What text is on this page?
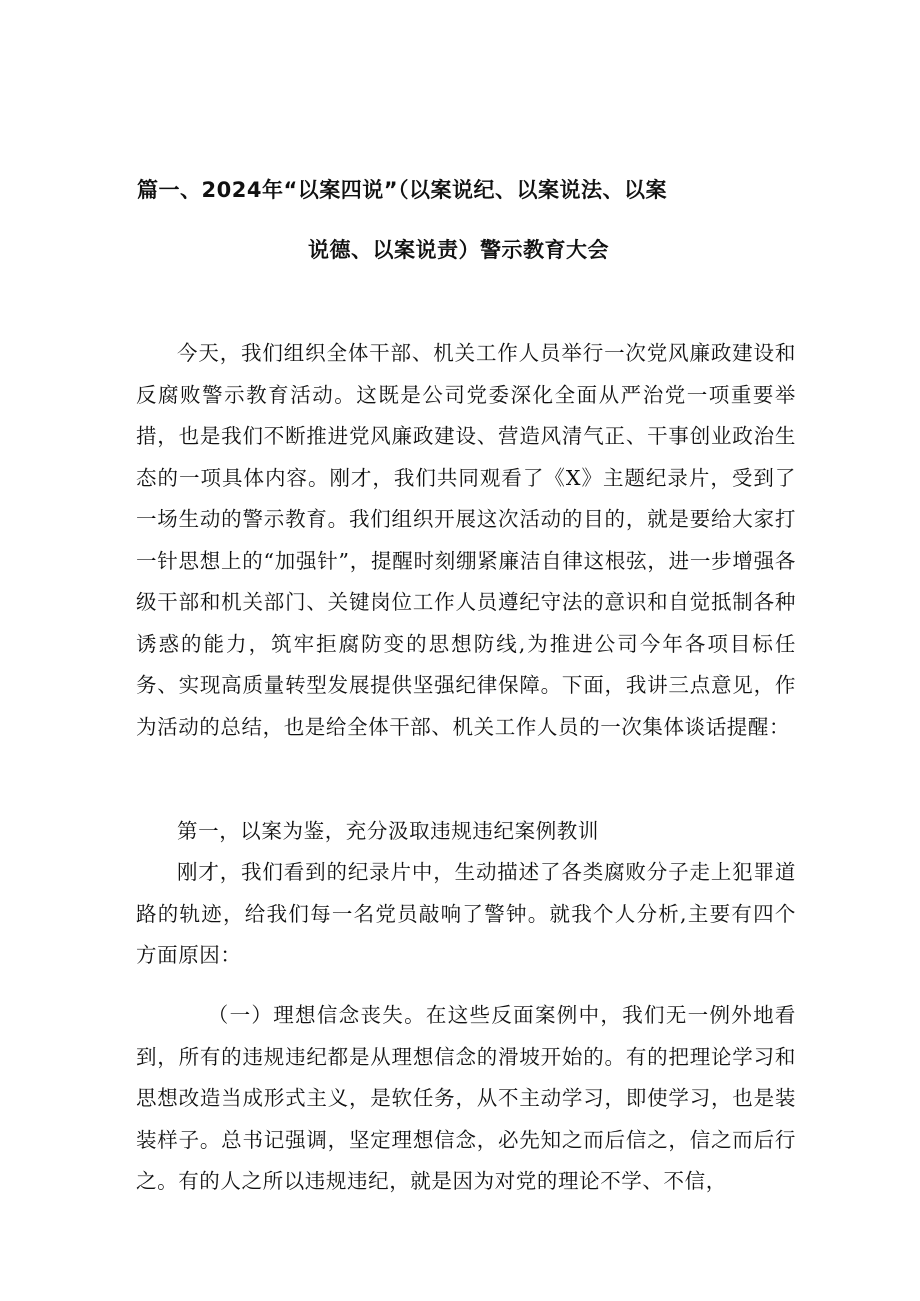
篇一、2024年“以案四说”（以案说纪、以案说法、以案
说德、以案说责）警示教育大会

今天，我们组织全体干部、机关工作人员举行一次党风廉政建设和反腐败警示教育活动。这既是公司党委深化全面从严治党一项重要举措，也是我们不断推进党风廉政建设、营造风清气正、干事创业政治生态的一项具体内容。刚才，我们共同观看了《X》主题纪录片，受到了一场生动的警示教育。我们组织开展这次活动的目的，就是要给大家打一针思想上的“加强针”，提醒时刻绷紧廉洁自律这根弦，进一步增强各级干部和机关部门、关键岗位工作人员遵纪守法的意识和自觉抵制各种诱惑的能力，筑牢拒腐防变的思想防线,为推进公司今年各项目标任务、实现高质量转型发展提供坚强纪律保障。下面，我讲三点意见，作为活动的总结，也是给全体干部、机关工作人员的一次集体谈话提醒：

第一，以案为鉴，充分汲取违规违纪案例教训

刚才，我们看到的纪录片中，生动描述了各类腐败分子走上犯罪道路的轨迹，给我们每一名党员敲响了警钟。就我个人分析,主要有四个方面原因：

（一）理想信念丧失。在这些反面案例中，我们无一例外地看到，所有的违规违纪都是从理想信念的滑坡开始的。有的把理论学习和思想改造当成形式主义，是软任务，从不主动学习，即使学习，也是装装样子。总书记强调，坚定理想信念，必先知之而后信之，信之而后行之。有的人之所以违规违纪，就是因为对党的理论不学、不信，
